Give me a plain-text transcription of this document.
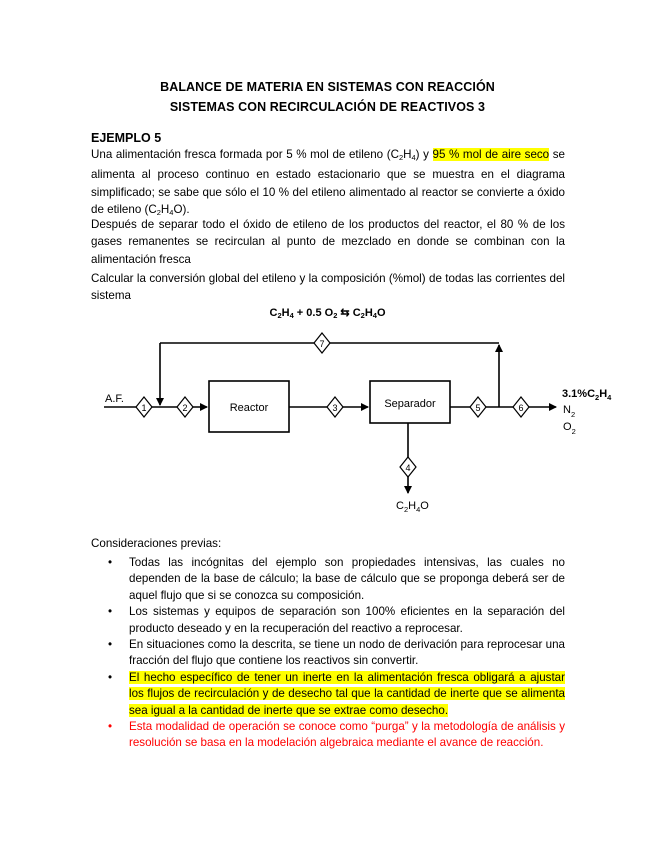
BALANCE DE MATERIA EN SISTEMAS CON REACCIÓN
SISTEMAS CON RECIRCULACIÓN DE REACTIVOS 3
EJEMPLO 5
Una alimentación fresca formada por 5 % mol de etileno $(C_2H_4)$ y 95 % mol de aire seco se alimenta al proceso continuo en estado estacionario que se muestra en el diagrama simplificado; se sabe que sólo el 10 % del etileno alimentado al reactor se convierte a óxido de etileno $(C_2H_4O)$.
Después de separar todo el óxido de etileno de los productos del reactor, el 80 % de los gases remanentes se recirculan al punto de mezclado en donde se combinan con la alimentación fresca
Calcular la conversión global del etileno y la composición (%mol) de todas las corrientes del sistema
$C_2H_4 + 0.5$ $O_2$ ⇆ $C_2H_4O$
Reactor	Separador
1	2	3
4
5	6
7
A.F.	$3.1\%C_2H_4$
$N_2$
$O_2$
$C_2H_4O$
Consideraciones previas:
• Todas las incógnitas del ejemplo son propiedades intensivas, las cuales no dependen de la base de cálculo; la base de cálculo que se proponga deberá ser de aquel flujo que si se conozca su composición.
• Los sistemas y equipos de separación son 100% eficientes en la separación del producto deseado y en la recuperación del reactivo a reprocesar.
• En situaciones como la descrita, se tiene un nodo de derivación para reprocesar una fracción del flujo que contiene los reactivos sin convertir.
• El hecho específico de tener un inerte en la alimentación fresca obligará a ajustar los flujos de recirculación y de desecho tal que la cantidad de inerte que se alimenta sea igual a la cantidad de inerte que se extrae como desecho.
• Esta modalidad de operación se conoce como “purga” y la metodología de análisis y resolución se basa en la modelación algebraica mediante el avance de reacción.
